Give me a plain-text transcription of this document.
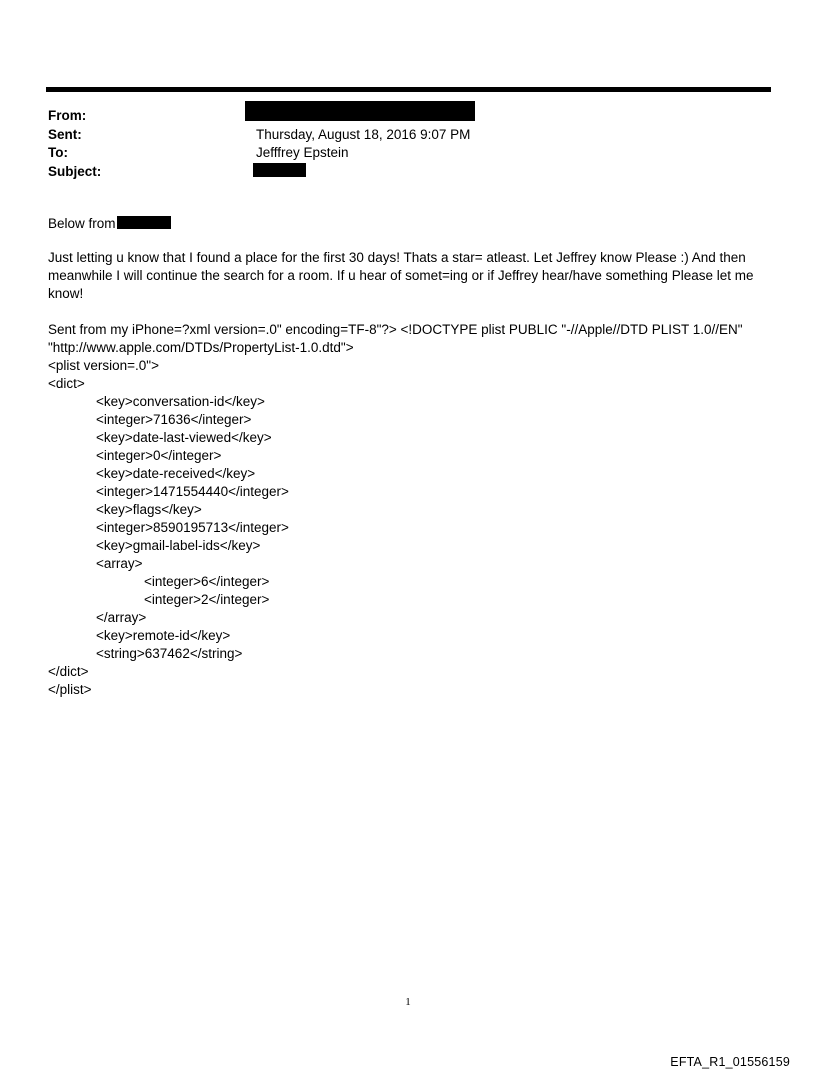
From:
Sent:	Thursday, August 18, 2016 9:07 PM
To:	Jefffrey Epstein
Subject:

Below from

Just letting u know that I found a place for the first 30 days! Thats a star= atleast. Let Jeffrey know Please :) And then meanwhile I will continue the search for a room. If u hear of somet=ing or if Jeffrey hear/have something Please let me know!

Sent from my iPhone=?xml version=.0" encoding=TF-8"?> <!DOCTYPE plist PUBLIC "-//Apple//DTD PLIST 1.0//EN"

"http://www.apple.com/DTDs/PropertyList-1.0.dtd">

<plist version=.0">
<dict>
<key>conversation-id</key>
<integer>71636</integer>
<key>date-last-viewed</key>
<integer>0</integer>
<key>date-received</key>
<integer>1471554440</integer>
<key>flags</key>
<integer>8590195713</integer>
<key>gmail-label-ids</key>
<array>
<integer>6</integer>
<integer>2</integer>
</array>
<key>remote-id</key>
<string>637462</string>
</dict>
</plist>
1
EFTA_R1_01556159
